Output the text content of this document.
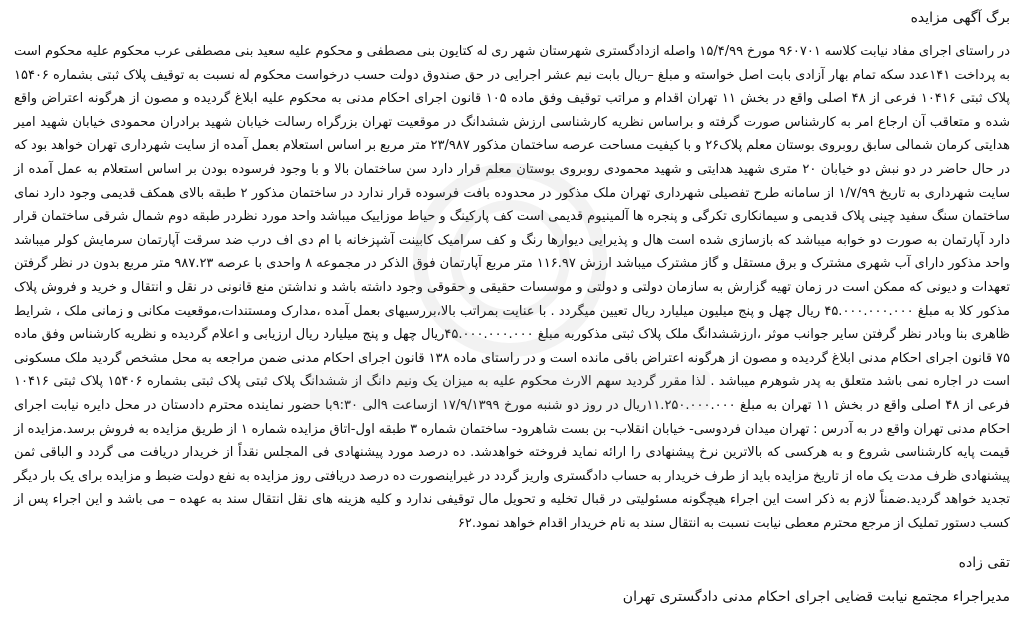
برگ آگهی مزایده

در راستای اجرای مفاد نیابت کلاسه ۹۶۰۷۰۱ مورخ ۱۵/۴/۹۹ واصله ازدادگستری شهرستان شهر ری له کتایون بنی مصطفی و محکوم علیه سعید بنی مصطفی عرب محکوم علیه محکوم است به پرداخت ۱۴۱عدد سکه تمام بهار آزادی بابت اصل خواسته و مبلغ –ریال بابت نیم عشر اجرایی در حق صندوق دولت حسب درخواست محکوم له نسبت به توقیف پلاک ثبتی بشماره ۱۵۴۰۶ پلاک ثبتی ۱۰۴۱۶ فرعی از ۴۸ اصلی واقع در بخش ۱۱ تهران اقدام و مراتب توقیف وفق ماده ۱۰۵ قانون اجرای احکام مدنی به محکوم علیه ابلاغ گردیده و مصون از هرگونه اعتراض واقع شده و متعاقب آن ارجاع امر به کارشناس صورت گرفته و براساس نظریه کارشناسی ارزش ششدانگ در موقعیت تهران بزرگراه رسالت خیابان شهید برادران محمودی خیابان شهید امیر هدایتی کرمان شمالی سابق روبروی بوستان معلم پلاک۲۶ و با کیفیت مساحت عرصه ساختمان مذکور ۲۳/۹۸۷ متر مربع بر اساس استعلام بعمل آمده از سایت شهرداری تهران خواهد بود که در حال حاضر در دو نبش دو خیابان ۲۰ متری شهید هدایتی و شهید محمودی روبروی بوستان معلم قرار دارد سن ساختمان بالا و با وجود فرسوده بودن بر اساس استعلام به عمل آمده از سایت شهرداری به تاریخ ۱/۷/۹۹ از سامانه طرح تفصیلی شهرداری تهران ملک مذکور در محدوده بافت فرسوده قرار ندارد در ساختمان مذکور ۲ طبقه بالای همکف قدیمی وجود دارد نمای ساختمان سنگ سفید چینی پلاک قدیمی و سیمانکاری تکرگی و پنجره ها آلمینیوم قدیمی است کف پارکینگ و حیاط موزاییک میباشد واحد مورد نظردر طبقه دوم شمال شرقی ساختمان قرار دارد آپارتمان به صورت دو خوابه میباشد که بازسازی شده است هال و پذیرایی دیوارها رنگ و کف سرامیک کابینت آشپزخانه با ام دی اف درب ضد سرقت آپارتمان سرمایش کولر میباشد واحد مذکور دارای آب شهری مشترک و برق مستقل و گاز مشترک میباشد ارزش ۱۱۶.۹۷ متر مربع آپارتمان فوق الذکر در مجموعه ۸ واحدی با عرصه ۹۸۷.۲۳ متر مربع بدون در نظر گرفتن تعهدات و دیونی که ممکن است در زمان تهیه گزارش به سازمان دولتی و دولتی و موسسات حقیقی و حقوقی وجود داشته باشد و نداشتن منع قانونی در نقل و انتقال و خرید و فروش پلاک مذکور کلا به مبلغ ۴۵.۰۰۰.۰۰۰.۰۰۰ ریال چهل و پنج میلیون میلیارد ریال تعیین میگردد . با عنایت بمراتب بالا،بررسیهای بعمل آمده ،مدارک ومستندات،موقعیت مکانی و زمانی ملک ، شرایط ظاهری بنا وبادر نظر گرفتن سایر جوانب موثر ،ارزششدانگ ملک پلاک ثبتی مذکوربه مبلغ ۴۵.۰۰۰.۰۰۰.۰۰۰ریال چهل و پنج میلیارد ریال ارزیابی و اعلام گردیده و نظریه کارشناس وفق ماده ۷۵ قانون اجرای احکام مدنی ابلاغ گردیده و مصون از هرگونه اعتراض باقی مانده است و در راستای ماده ۱۳۸ قانون اجرای احکام مدنی ضمن مراجعه به محل مشخص گردید ملک مسکونی است در اجاره نمی باشد متعلق به پدر شوهرم میباشد . لذا مقرر گردید سهم الارث محکوم علیه به میزان یک ونیم دانگ از ششدانگ پلاک ثبتی پلاک ثبتی بشماره ۱۵۴۰۶ پلاک ثبتی ۱۰۴۱۶ فرعی از ۴۸ اصلی واقع در بخش ۱۱ تهران به مبلغ ۱۱.۲۵۰.۰۰۰.۰۰۰ریال در روز دو شنبه مورخ ۱۷/۹/۱۳۹۹ ازساعت ۹الی ۹:۳۰با حضور نماینده محترم دادستان در محل دایره نیابت اجرای احکام مدنی تهران واقع در به آدرس : تهران میدان فردوسی- خیابان انقلاب- بن بست شاهرود- ساختمان شماره ۳ طبقه اول-اتاق مزایده شماره ۱ از طریق مزایده به فروش برسد.مزایده از قیمت پایه کارشناسی شروع و به هرکسی که بالاترین نرخ پیشنهادی را ارائه نماید فروخته خواهدشد. ده درصد مورد پیشنهادی فی المجلس نقداً از خریدار دریافت می گردد و الباقی ثمن پیشنهادی ظرف مدت یک ماه از تاریخ مزایده باید از طرف خریدار به حساب دادگستری واریز گردد در غیراینصورت ده درصد دریافتی روز مزایده به نفع دولت ضبط و مزایده برای یک بار دیگر تجدید خواهد گردید.ضمناً لازم به ذکر است این اجراء هیچگونه مسئولیتی در قبال تخلیه و تحویل مال توقیفی ندارد و کلیه هزینه های نقل انتقال سند به عهده – می باشد و این اجراء پس از کسب دستور تملیک از مرجع محترم معطی نیابت نسبت به انتقال سند به نام خریدار اقدام خواهد نمود.۶۲

تقی زاده
مدیراجراء مجتمع نیابت قضایی اجرای احکام مدنی دادگستری تهران
